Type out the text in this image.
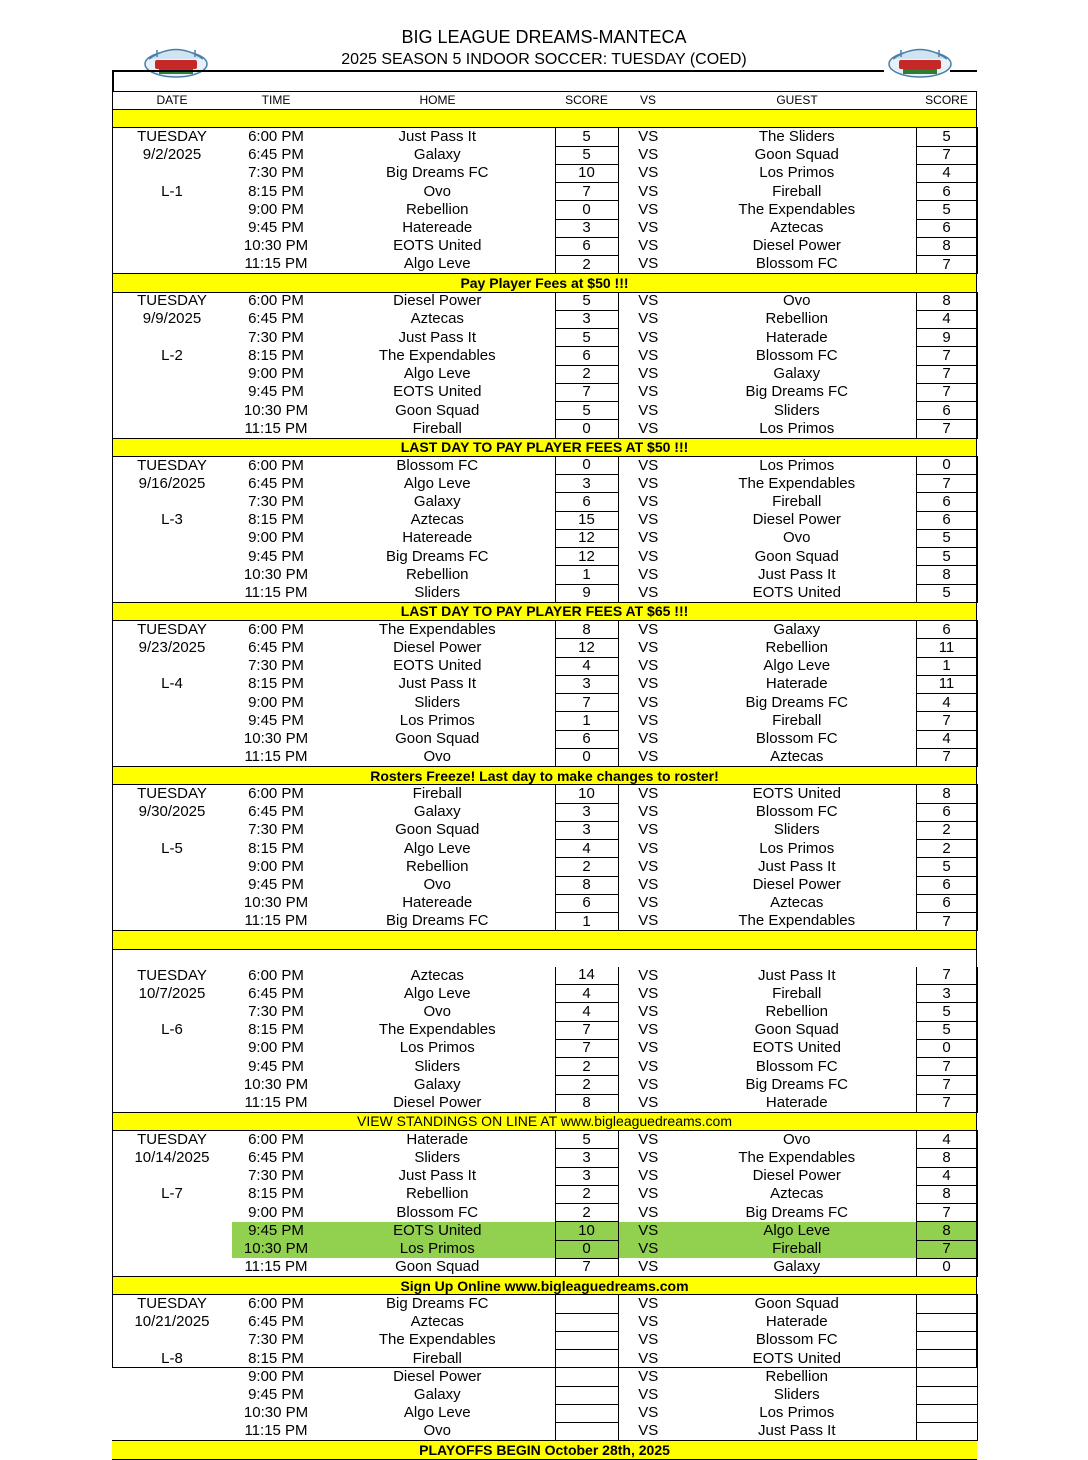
BIG LEAGUE DREAMS-MANTECA
2025 SEASON 5 INDOOR SOCCER: TUESDAY (COED)
DATE	TIME	HOME	SCORE	VS	GUEST	SCORE

TUESDAY	6:00 PM	Just Pass It	5	VS	The Sliders	5
9/2/2025	6:45 PM	Galaxy	5	VS	Goon Squad	7
	7:30 PM	Big Dreams FC	10	VS	Los Primos	4
L-1	8:15 PM	Ovo	7	VS	Fireball	6
	9:00 PM	Rebellion	0	VS	The Expendables	5
	9:45 PM	Hatereade	3	VS	Aztecas	6
	10:30 PM	EOTS United	6	VS	Diesel Power	8
	11:15 PM	Algo Leve	2	VS	Blossom FC	7
Pay Player Fees at $50 !!!						
TUESDAY	6:00 PM	Diesel Power	5	VS	Ovo	8
9/9/2025	6:45 PM	Aztecas	3	VS	Rebellion	4
	7:30 PM	Just Pass It	5	VS	Haterade	9
L-2	8:15 PM	The Expendables	6	VS	Blossom FC	7
	9:00 PM	Algo Leve	2	VS	Galaxy	7
	9:45 PM	EOTS United	7	VS	Big Dreams FC	7
	10:30 PM	Goon Squad	5	VS	Sliders	6
	11:15 PM	Fireball	0	VS	Los Primos	7
LAST DAY TO PAY PLAYER FEES AT $50 !!!						
TUESDAY	6:00 PM	Blossom FC	0	VS	Los Primos	0
9/16/2025	6:45 PM	Algo Leve	3	VS	The Expendables	7
	7:30 PM	Galaxy	6	VS	Fireball	6
L-3	8:15 PM	Aztecas	15	VS	Diesel Power	6
	9:00 PM	Hatereade	12	VS	Ovo	5
	9:45 PM	Big Dreams FC	12	VS	Goon Squad	5
	10:30 PM	Rebellion	1	VS	Just Pass It	8
	11:15 PM	Sliders	9	VS	EOTS United	5
LAST DAY TO PAY PLAYER FEES AT $65 !!!						
TUESDAY	6:00 PM	The Expendables	8	VS	Galaxy	6
9/23/2025	6:45 PM	Diesel Power	12	VS	Rebellion	11
	7:30 PM	EOTS United	4	VS	Algo Leve	1
L-4	8:15 PM	Just Pass It	3	VS	Haterade	11
	9:00 PM	Sliders	7	VS	Big Dreams FC	4
	9:45 PM	Los Primos	1	VS	Fireball	7
	10:30 PM	Goon Squad	6	VS	Blossom FC	4
	11:15 PM	Ovo	0	VS	Aztecas	7
Rosters Freeze! Last day to make changes to roster!						
TUESDAY	6:00 PM	Fireball	10	VS	EOTS United	8
9/30/2025	6:45 PM	Galaxy	3	VS	Blossom FC	6
	7:30 PM	Goon Squad	3	VS	Sliders	2
L-5	8:15 PM	Algo Leve	4	VS	Los Primos	2
	9:00 PM	Rebellion	2	VS	Just Pass It	5
	9:45 PM	Ovo	8	VS	Diesel Power	6
	10:30 PM	Hatereade	6	VS	Aztecas	6
	11:15 PM	Big Dreams FC	1	VS	The Expendables	7

TUESDAY	6:00 PM	Aztecas	14	VS	Just Pass It	7
10/7/2025	6:45 PM	Algo Leve	4	VS	Fireball	3
	7:30 PM	Ovo	4	VS	Rebellion	5
L-6	8:15 PM	The Expendables	7	VS	Goon Squad	5
	9:00 PM	Los Primos	7	VS	EOTS United	0
	9:45 PM	Sliders	2	VS	Blossom FC	7
	10:30 PM	Galaxy	2	VS	Big Dreams FC	7
	11:15 PM	Diesel Power	8	VS	Haterade	7
VIEW STANDINGS ON LINE AT www.bigleaguedreams.com						
TUESDAY	6:00 PM	Haterade	5	VS	Ovo	4
10/14/2025	6:45 PM	Sliders	3	VS	The Expendables	8
	7:30 PM	Just Pass It	3	VS	Diesel Power	4
L-7	8:15 PM	Rebellion	2	VS	Aztecas	8
	9:00 PM	Blossom FC	2	VS	Big Dreams FC	7
	9:45 PM	EOTS United	10	VS	Algo Leve	8
	10:30 PM	Los Primos	0	VS	Fireball	7
	11:15 PM	Goon Squad	7	VS	Galaxy	0
Sign Up Online www.bigleaguedreams.com						
TUESDAY	6:00 PM	Big Dreams FC		VS	Goon Squad	
10/21/2025	6:45 PM	Aztecas		VS	Haterade	
	7:30 PM	The Expendables		VS	Blossom FC	
L-8	8:15 PM	Fireball		VS	EOTS United	
	9:00 PM	Diesel Power		VS	Rebellion	
	9:45 PM	Galaxy		VS	Sliders	
	10:30 PM	Algo Leve		VS	Los Primos	
	11:15 PM	Ovo		VS	Just Pass It	
PLAYOFFS BEGIN October 28th, 2025						
